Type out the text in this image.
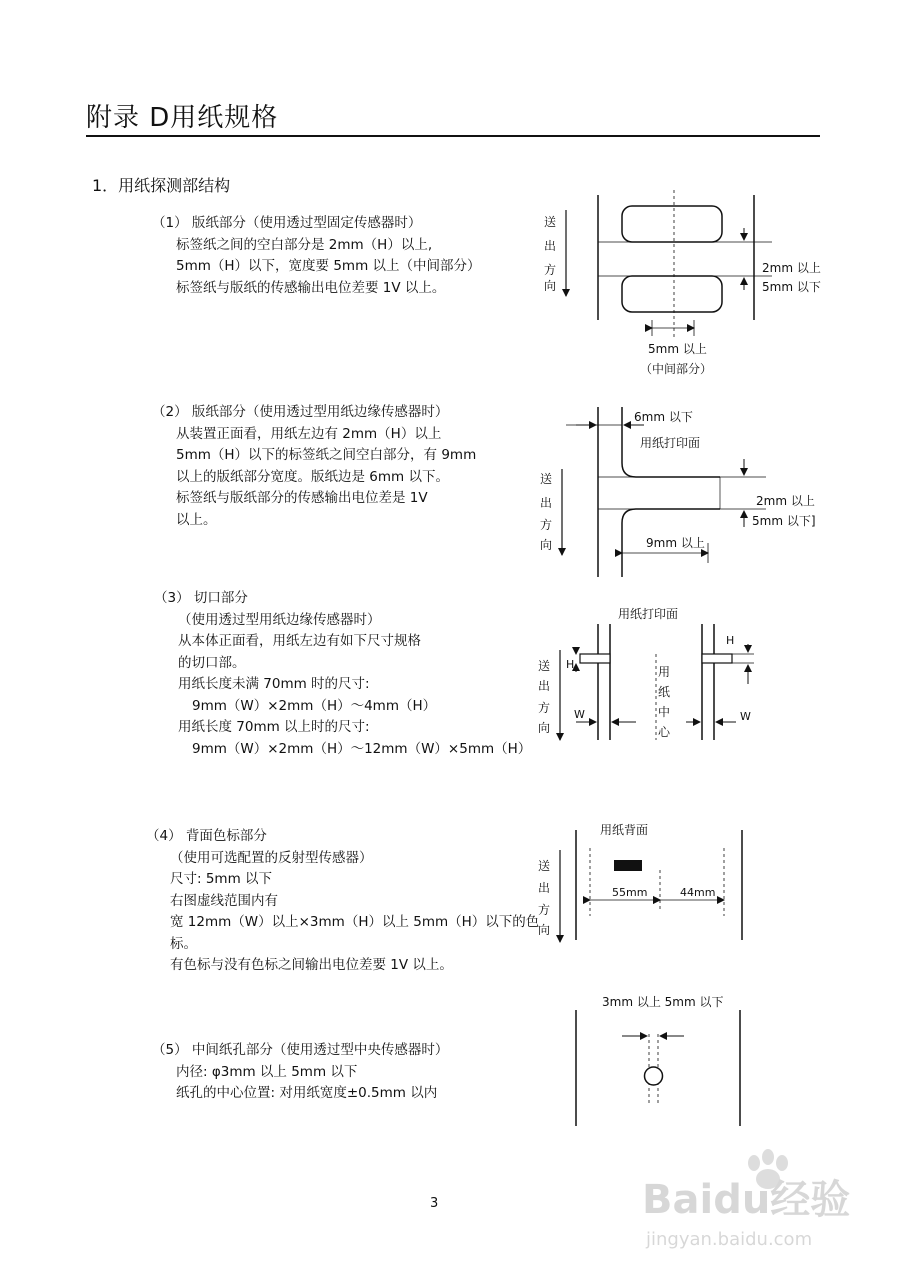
附录 D用纸规格
1．用纸探测部结构
（1） 版纸部分（使用透过型固定传感器时）
标签纸之间的空白部分是 2mm（H）以上,
5mm（H）以下，宽度要 5mm 以上（中间部分）
标签纸与版纸的传感输出电位差要 1V 以上。
（2） 版纸部分（使用透过型用纸边缘传感器时）
从装置正面看，用纸左边有 2mm（H）以上
5mm（H）以下的标签纸之间空白部分，有 9mm
以上的版纸部分宽度。版纸边是 6mm 以下。
标签纸与版纸部分的传感输出电位差是 1V
以上。
（3） 切口部分
（使用透过型用纸边缘传感器时）
从本体正面看，用纸左边有如下尺寸规格
的切口部。
用纸长度未满 70mm 时的尺寸:
9mm（W）×2mm（H）～4mm（H）
用纸长度 70mm 以上时的尺寸:
9mm（W）×2mm（H）～12mm（W）×5mm（H）
（4） 背面色标部分
（使用可选配置的反射型传感器）
尺寸: 5mm 以下
右图虚线范围内有
宽 12mm（W）以上×3mm（H）以上 5mm（H）以下的色
标。
有色标与没有色标之间输出电位差要 1V 以上。
（5） 中间纸孔部分（使用透过型中央传感器时）
内径: φ3mm 以上 5mm 以下
纸孔的中心位置: 对用纸宽度±0.5mm 以内
送
出
方
向
2mm 以上
5mm 以下
5mm 以上
（中间部分）
送
出
方
向
6mm 以下
用纸打印面
2mm 以上
5mm 以下]
9mm 以上
用纸打印面
送
出
方
向
用
纸
中
心
H
W
H
W
用纸背面
送
出
方
向
55mm	44mm
3mm 以上 5mm 以下
3	Baidu经验
jingyan.baidu.com
